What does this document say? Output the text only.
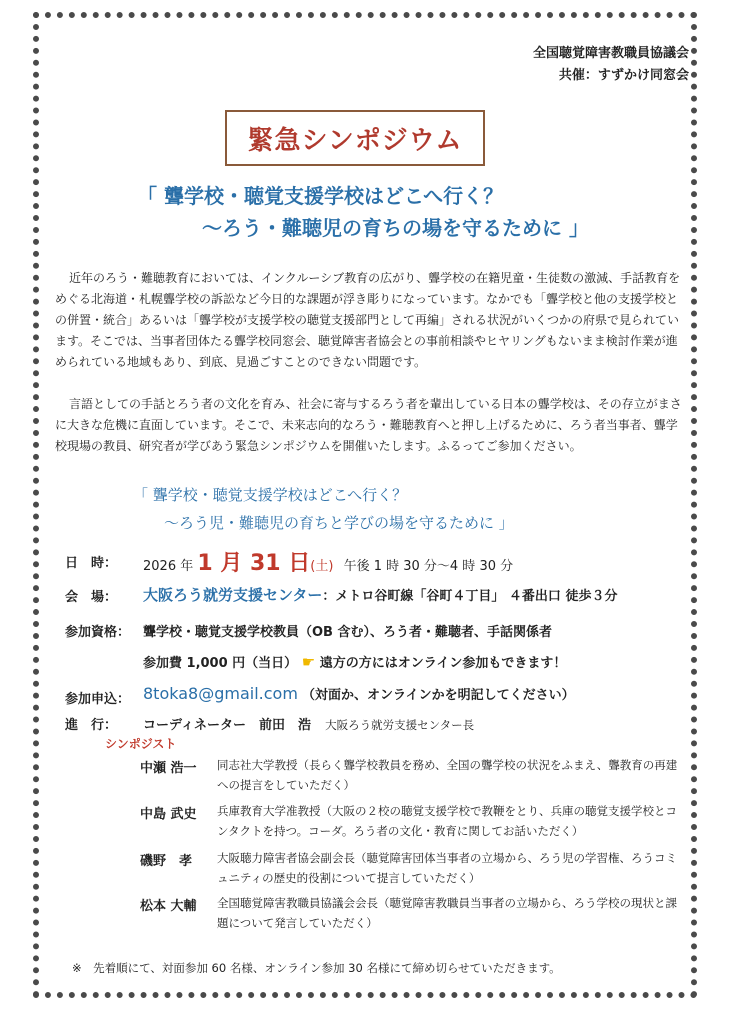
全国聴覚障害教職員協議会
共催：すずかけ同窓会
緊急シンポジウム
「 聾学校・聴覚支援学校はどこへ行く？
～ろう・難聴児の育ちの場を守るために 」
近年のろう・難聴教育においては、インクルーシブ教育の広がり、聾学校の在籍児童・生徒数の激減、手話教育をめぐる北海道・札幌聾学校の訴訟など今日的な課題が浮き彫りになっています。なかでも「聾学校と他の支援学校との併置・統合」あるいは「聾学校が支援学校の聴覚支援部門として再編」される状況がいくつかの府県で見られています。そこでは、当事者団体たる聾学校同窓会、聴覚障害者協会との事前相談やヒヤリングもないまま検討作業が進められている地域もあり、到底、見過ごすことのできない問題です。
言語としての手話とろう者の文化を育み、社会に寄与するろう者を輩出している日本の聾学校は、その存立がまさに大きな危機に直面しています。そこで、未来志向的なろう・難聴教育へと押し上げるために、ろう者当事者、聾学校現場の教員、研究者が学びあう緊急シンポジウムを開催いたします。ふるってご参加ください。
「 聾学校・聴覚支援学校はどこへ行く？
～ろう児・難聴児の育ちと学びの場を守るために 」
日　時： 2026 年 1 月 31 日(土) 午後 1 時 30 分～4 時 30 分
会　場： 大阪ろう就労支援センター：メトロ谷町線「谷町４丁目」 ４番出口 徒歩３分
参加資格： 聾学校・聴覚支援学校教員（OB 含む）、ろう者・難聴者、手話関係者
参加費 1,000 円（当日） ☛ 遠方の方にはオンライン参加もできます！
参加申込： 8toka8@gmail.com （対面か、オンラインかを明記してください）
進　行： コーディネーター　前田　浩 大阪ろう就労支援センター長
シンポジスト
中瀬 浩一 同志社大学教授（長らく聾学校教員を務め、全国の聾学校の状況をふまえ、聾教育の再建への提言をしていただく）
中島 武史 兵庫教育大学准教授（大阪の２校の聴覚支援学校で教鞭をとり、兵庫の聴覚支援学校とコンタクトを持つ。コーダ。ろう者の文化・教育に関してお話いただく）
磯野　孝 大阪聴力障害者協会副会長（聴覚障害団体当事者の立場から、ろう児の学習権、ろうコミュニティの歴史的役割について提言していただく）
松本 大輔 全国聴覚障害教職員協議会会長（聴覚障害教職員当事者の立場から、ろう学校の現状と課題について発言していただく）
※　先着順にて、対面参加 60 名様、オンライン参加 30 名様にて締め切らせていただきます。
